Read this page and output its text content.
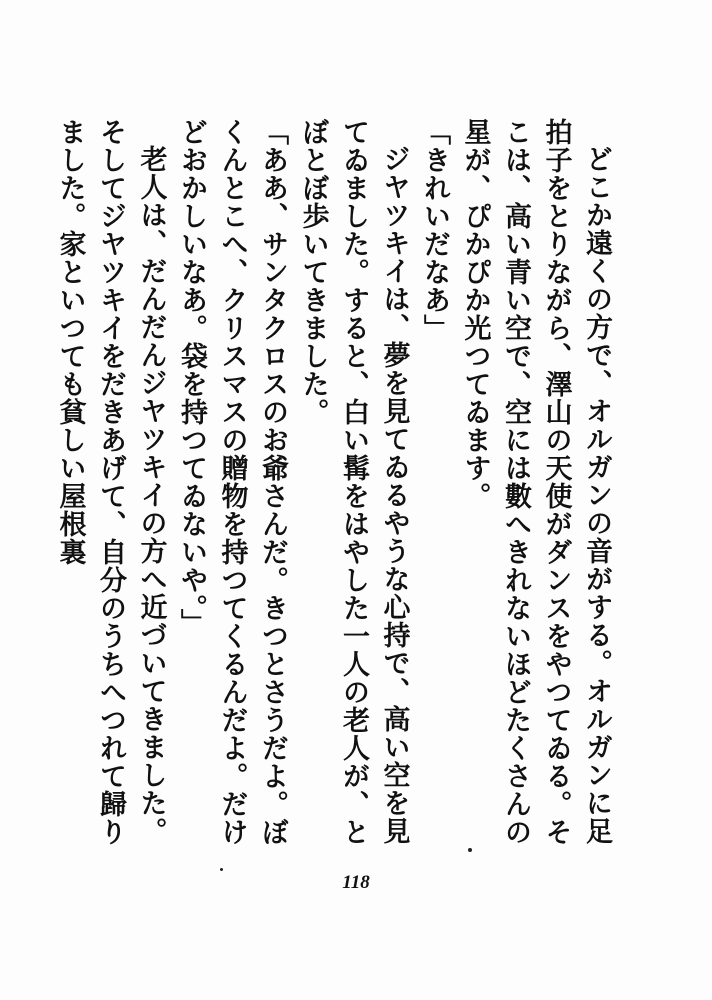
どこか遠くの方で、オルガンの音がする。オルガンに足拍子をとりながら、澤山の天使がダンスをやつてゐる。そこは、高い青い空で、空には數へきれないほどたくさんの星が、ぴかぴか光つてゐます。

「きれいだなあ」

ジヤツキイは、夢を見てゐるやうな心持で、高い空を見てゐました。すると、白い髯をはやした一人の老人が、とぼとぼ歩いてきました。

「ああ、サンタクロスのお爺さんだ。きつとさうだよ。ぼくんとこへ、クリスマスの贈物を持つてくるんだよ。だけどおかしいなあ。袋を持つてゐないや。」

老人は、だんだんジヤツキイの方へ近づいてきました。そしてジヤツキイをだきあげて、自分のうちへつれて歸りました。家といつても貧しい屋根裏

118
